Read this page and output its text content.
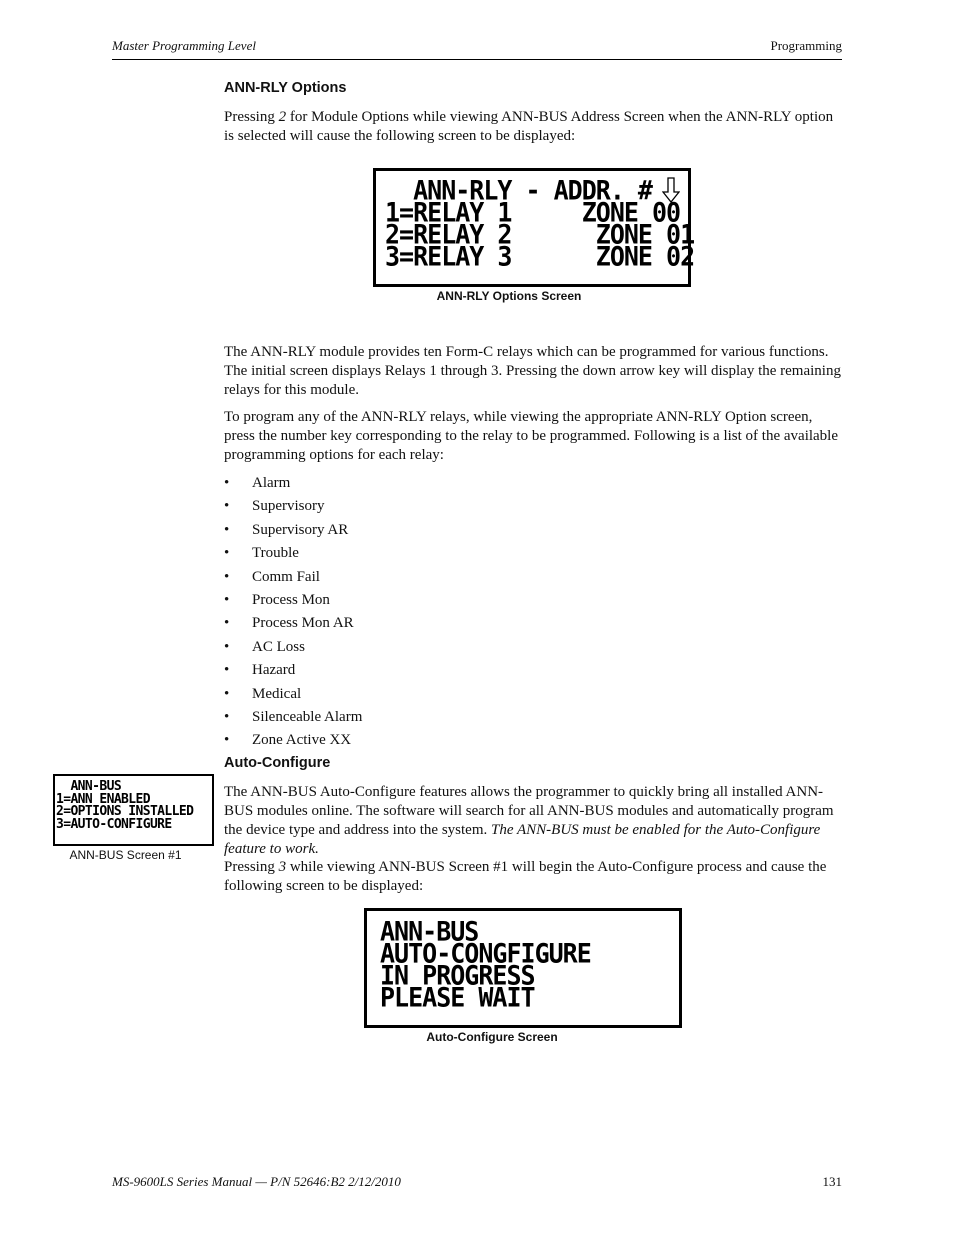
Master Programming Level	Programming
ANN-RLY Options
Pressing 2 for Module Options while viewing ANN-BUS Address Screen when the ANN-RLY option is selected will cause the following screen to be displayed:
ANN-RLY - ADDR. #
1=RELAY 1     ZONE 00
2=RELAY 2      ZONE 01
3=RELAY 3      ZONE 02
ANN-RLY Options Screen
The ANN-RLY module provides ten Form-C relays which can be programmed for various functions. The initial screen displays Relays 1 through 3. Pressing the down arrow key will display the remaining relays for this module.
To program any of the ANN-RLY relays, while viewing the appropriate ANN-RLY Option screen, press the number key corresponding to the relay to be programmed. Following is a list of the available programming options for each relay:
• Alarm
• Supervisory
• Supervisory AR
• Trouble
• Comm Fail
• Process Mon
• Process Mon AR
• AC Loss
• Hazard
• Medical
• Silenceable Alarm
• Zone Active XX
Auto-Configure
ANN-BUS
1=ANN ENABLED
2=OPTIONS INSTALLED
3=AUTO-CONFIGURE
ANN-BUS Screen #1
The ANN-BUS Auto-Configure features allows the programmer to quickly bring all installed ANN-BUS modules online. The software will search for all ANN-BUS modules and automatically program the device type and address into the system. The ANN-BUS must be enabled for the Auto-Configure feature to work.
Pressing 3 while viewing ANN-BUS Screen #1 will begin the Auto-Configure process and cause the following screen to be displayed:
ANN-BUS
AUTO-CONGFIGURE
IN PROGRESS
PLEASE WAIT
Auto-Configure Screen
MS-9600LS Series Manual — P/N 52646:B2 2/12/2010	131
